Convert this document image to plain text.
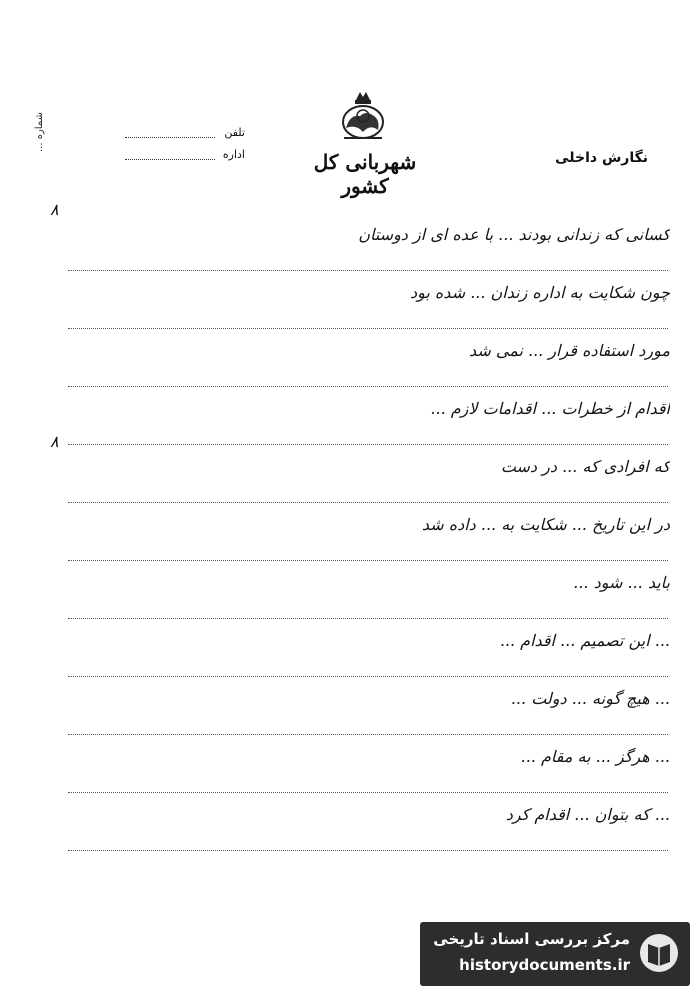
شماره ...
شهربانی کل کشور
نگارش داخلی
تلفن
اداره
کسانی که زندانی بودند ... با عده ای از دوستان
چون شکایت به اداره زندان ... شده بود
مورد استفاده قرار ... نمی شد
اقدام از خطرات ... اقدامات لازم ...
که افرادی که ... در دست
در این تاریخ ... شکایت به ... داده شد
باید ... شود ...
... این تصمیم ... اقدام ...
... هیچ گونه ... دولت ...
... هرگز ... به مقام ...
... که بتوان ... اقدام کرد
۸
۸
مرکز بررسی اسناد تاریخی
historydocuments.ir
